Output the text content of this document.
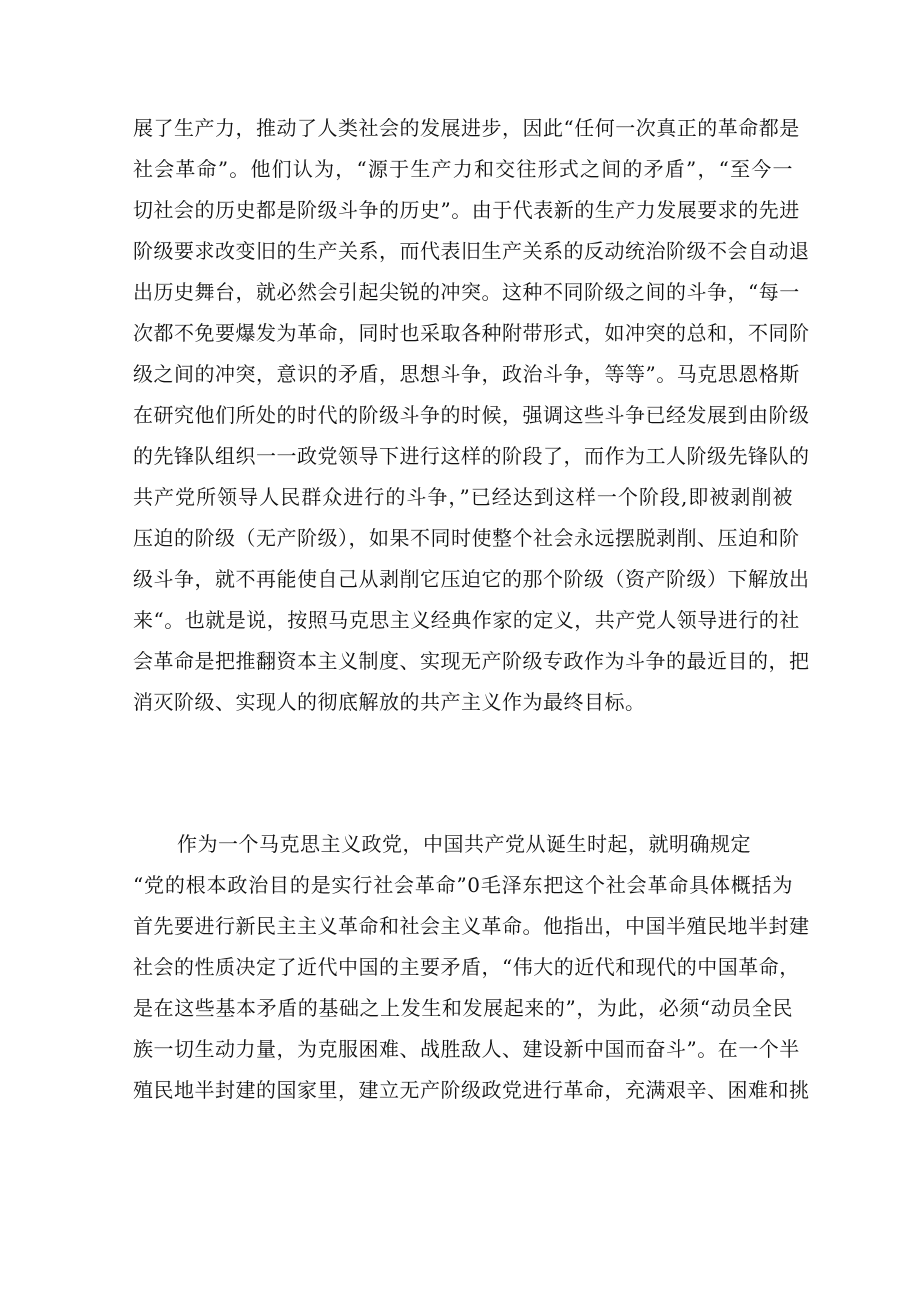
展了生产力，推动了人类社会的发展进步，因此“任何一次真正的革命都是
社会革命”。他们认为，“源于生产力和交往形式之间的矛盾”，“至今一
切社会的历史都是阶级斗争的历史”。由于代表新的生产力发展要求的先进
阶级要求改变旧的生产关系，而代表旧生产关系的反动统治阶级不会自动退
出历史舞台，就必然会引起尖锐的冲突。这种不同阶级之间的斗争，“每一
次都不免要爆发为革命，同时也采取各种附带形式，如冲突的总和，不同阶
级之间的冲突，意识的矛盾，思想斗争，政治斗争，等等”。马克思恩格斯
在研究他们所处的时代的阶级斗争的时候，强调这些斗争已经发展到由阶级
的先锋队组织一一政党领导下进行这样的阶段了，而作为工人阶级先锋队的
共产党所领导人民群众进行的斗争，”已经达到这样一个阶段,即被剥削被
压迫的阶级（无产阶级），如果不同时使整个社会永远摆脱剥削、压迫和阶
级斗争，就不再能使自己从剥削它压迫它的那个阶级（资产阶级）下解放出
来“。也就是说，按照马克思主义经典作家的定义，共产党人领导进行的社
会革命是把推翻资本主义制度、实现无产阶级专政作为斗争的最近目的，把
消灭阶级、实现人的彻底解放的共产主义作为最终目标。
作为一个马克思主义政党，中国共产党从诞生时起，就明确规定
“党的根本政治目的是实行社会革命”0毛泽东把这个社会革命具体概括为
首先要进行新民主主义革命和社会主义革命。他指出，中国半殖民地半封建
社会的性质决定了近代中国的主要矛盾，“伟大的近代和现代的中国革命，
是在这些基本矛盾的基础之上发生和发展起来的”，为此，必须“动员全民
族一切生动力量，为克服困难、战胜敌人、建设新中国而奋斗”。在一个半
殖民地半封建的国家里，建立无产阶级政党进行革命，充满艰辛、困难和挑
